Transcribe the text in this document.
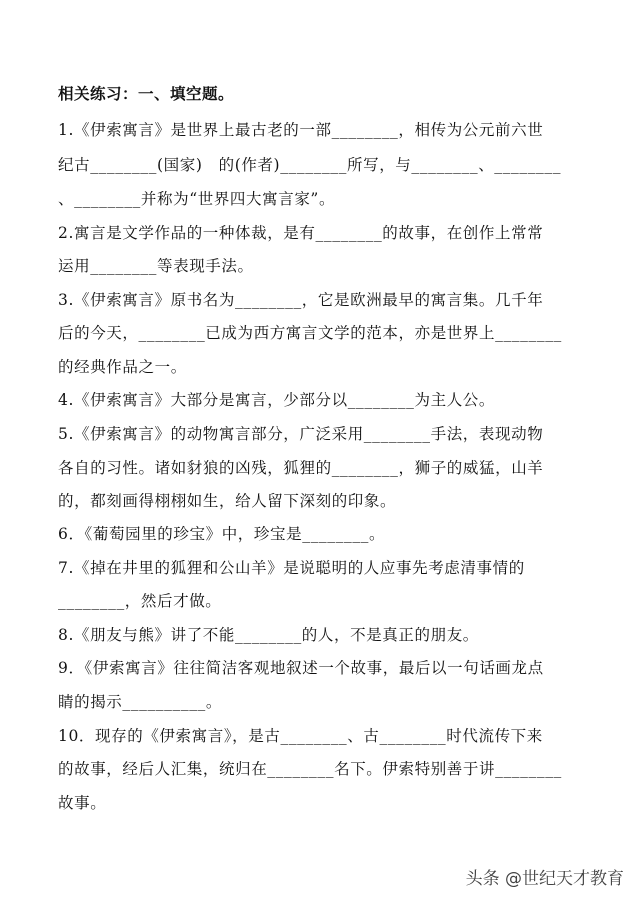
相关练习：一、填空题。
1.《伊索寓言》是世界上最古老的一部________，相传为公元前六世
纪古________(国家)　的(作者)________所写，与________、________
、________并称为“世界四大寓言家”。
2.寓言是文学作品的一种体裁，是有________的故事，在创作上常常
运用________等表现手法。
3.《伊索寓言》原书名为________，它是欧洲最早的寓言集。几千年
后的今天，________已成为西方寓言文学的范本，亦是世界上________
的经典作品之一。
4.《伊索寓言》大部分是寓言，少部分以________为主人公。
5.《伊索寓言》的动物寓言部分，广泛采用________手法，表现动物
各自的习性。诸如豺狼的凶残，狐狸的________，狮子的威猛，山羊
的，都刻画得栩栩如生，给人留下深刻的印象。
6．《葡萄园里的珍宝》中，珍宝是________。
7.《掉在井里的狐狸和公山羊》是说聪明的人应事先考虑清事情的
________，然后才做。
8.《朋友与熊》讲了不能________的人，不是真正的朋友。
9．《伊索寓言》往往简洁客观地叙述一个故事，最后以一句话画龙点
睛的揭示__________。
10．现存的《伊索寓言》，是古________、古________时代流传下来
的故事，经后人汇集，统归在________名下。伊索特别善于讲________
故事。
头条 @世纪天才教育
